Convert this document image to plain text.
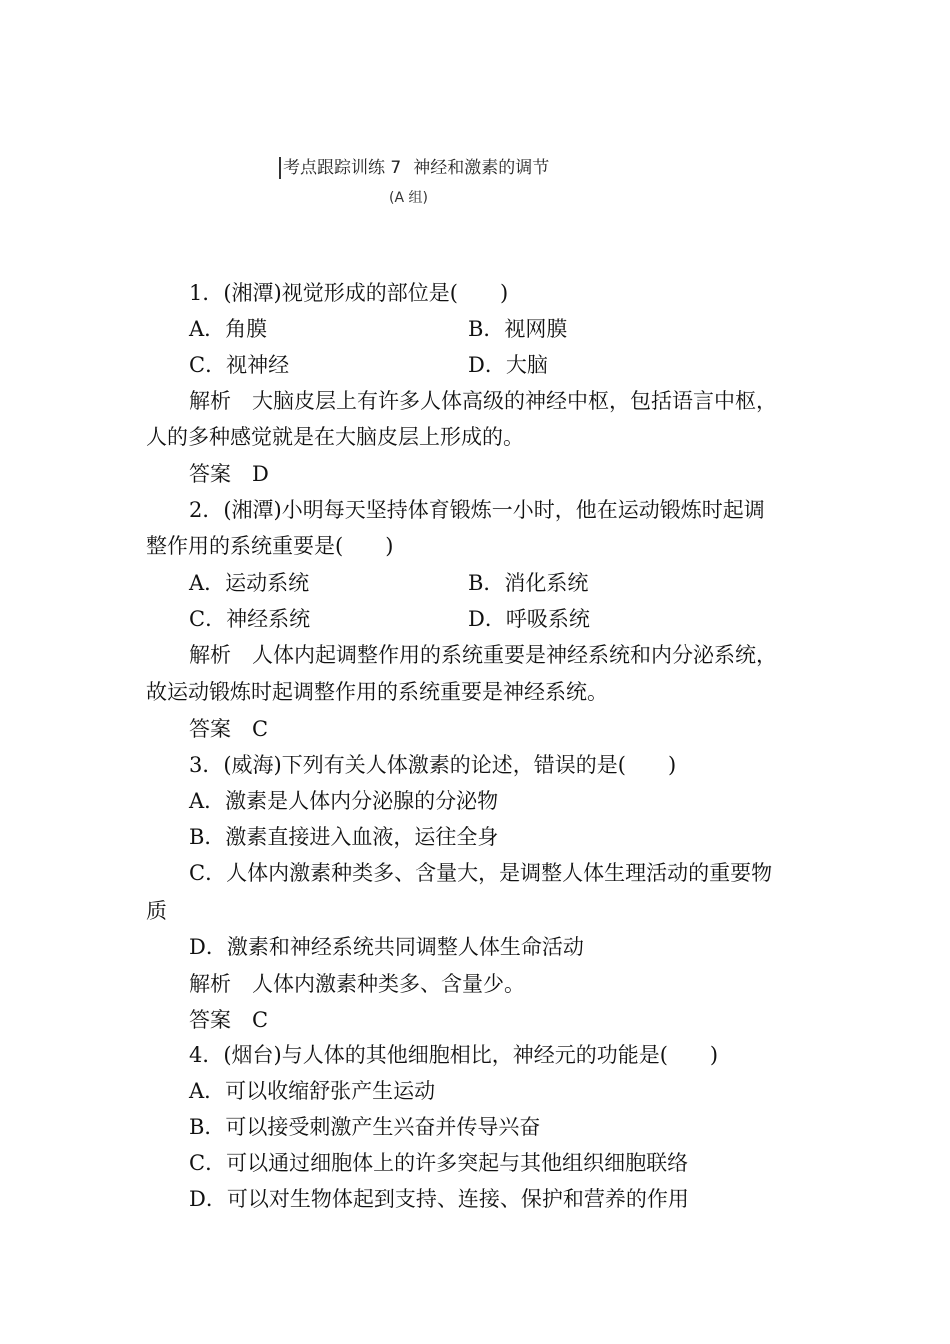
考点跟踪训练 7 神经和激素的调节
(A 组)
1．(湘潭)视觉形成的部位是(　　)
A．角膜	B．视网膜
C．视神经	D．大脑
解析　大脑皮层上有许多人体高级的神经中枢，包括语言中枢，
人的多种感觉就是在大脑皮层上形成的。
答案　D
2．(湘潭)小明每天坚持体育锻炼一小时，他在运动锻炼时起调
整作用的系统重要是(　　)
A．运动系统	B．消化系统
C．神经系统	D．呼吸系统
解析　人体内起调整作用的系统重要是神经系统和内分泌系统，
故运动锻炼时起调整作用的系统重要是神经系统。
答案　C
3．(威海)下列有关人体激素的论述，错误的是(　　)
A．激素是人体内分泌腺的分泌物
B．激素直接进入血液，运往全身
C．人体内激素种类多、含量大，是调整人体生理活动的重要物
质
D．激素和神经系统共同调整人体生命活动
解析　人体内激素种类多、含量少。
答案　C
4．(烟台)与人体的其他细胞相比，神经元的功能是(　　)
A．可以收缩舒张产生运动
B．可以接受刺激产生兴奋并传导兴奋
C．可以通过细胞体上的许多突起与其他组织细胞联络
D．可以对生物体起到支持、连接、保护和营养的作用
